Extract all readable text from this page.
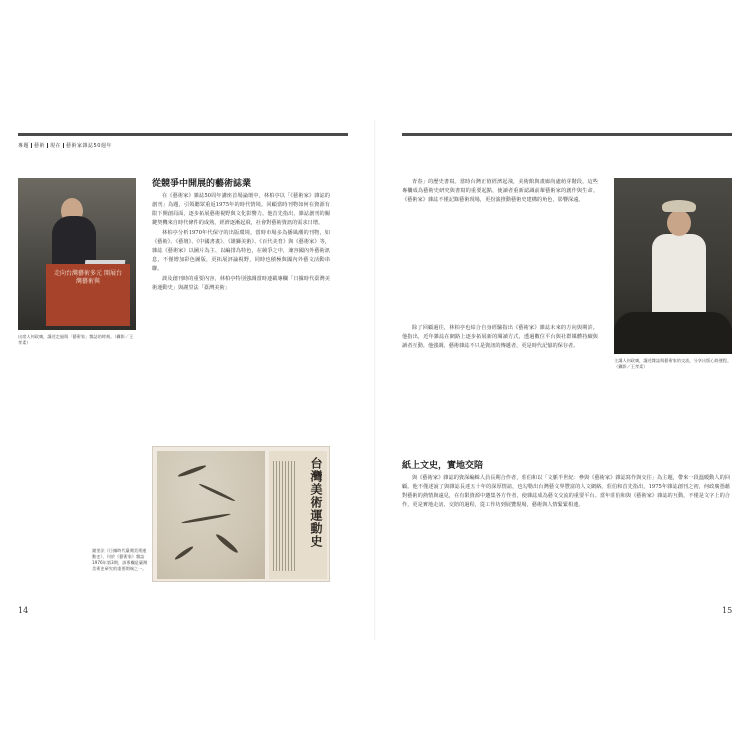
專題 藝術 現在 藝術家雜誌50週年
走向台灣藝術多元 開展台灣藝術與
出席人何政廣，講述走過與「藝術家」雜誌的時刻。（攝影／王孝柔）
從競爭中開展的藝術誌業

在《藝術家》雜誌50周年講座首場論壇中，林柏亭以「《藝術家》雜誌的創刊」為題，引領聽眾重返1975年的時代情境。回顧當時刊物如何在資源有限下開創局面，逐步拓展藝術視野與文化影響力。他首先指出，雜誌創刊的關鍵契機來自時代條件的成熟，經濟逐漸起飛，社會對藝術資訊的需求日增。

林柏亭分析1970年代保守的出版環境，當時市場多為播風潮的刊物，如《藝術》、《藝壇》、《中國書畫》、《雄獅美術》、《百代美育》與《藝術家》等，雜誌《藝術家》以圖片為主、以編排為特色，在競爭之中，兼容國內外藝術訊息，不僅增加彩色圖版，更拓展評論視野，同時也積極與國內外藝文活動串聯。

談及創刊時的重要內容，林柏亭特別強調當時連載專欄「日據時代臺灣美術運動史」與謝里法「臺灣美術」

台灣美術運動史
謝里法《日據時代臺灣美術運動史》，刊於《藝術家》雜誌1976年第3期，該專欄是臺灣美術史研究的重要開端之一。
14
青春」的歷史書寫。當時台灣正值經濟起飛，美術館與畫廊尚處萌芽階段，這些專欄成為藝術史研究與書寫的重要起點，使讀者重新認識前輩藝術家的創作與生命。《藝術家》雜誌不僅記錄藝術現場，更扮演推動藝術史建構的角色，影響深遠。
除了回顧過往，林柏亭也結合自身經驗指出《藝術家》雜誌未來的方向與期許。他指出，近年雜誌在網路上逐步拓展新的閱讀方式，透過數位平台與社群媒體持續與讀者互動。他強調，藝術雜誌不只是資訊的傳遞者，更是時代記憶的保存者。
主講人何政廣，講述雜誌與藝術家的交流，分享出版心路歷程。（攝影／王孝柔）
紙上文史，實地交陪
與《藝術家》雜誌的資深編輯人員長期合作者，莊伯和以「文脈半世紀：參與《藝術家》雜誌寫作與交往」為主題，帶來一段溫暖動人的回顧。他不僅述說了與雜誌長達五十年的深厚情誼，也勾勒出台灣藝文界豐富的人文網絡。莊伯和首先指出，1975年雜誌創刊之初，何政廣憑藉對藝術的熱情與遠見，在有限資源中邀集各方作者，使雜誌成為藝文交流的重要平台。當年莊伯和與《藝術家》雜誌的互動，不僅是文字上的合作，更是實地走訪、交陪的過程，從工作坊到展覽現場，藝術與人情緊緊相連。
15
